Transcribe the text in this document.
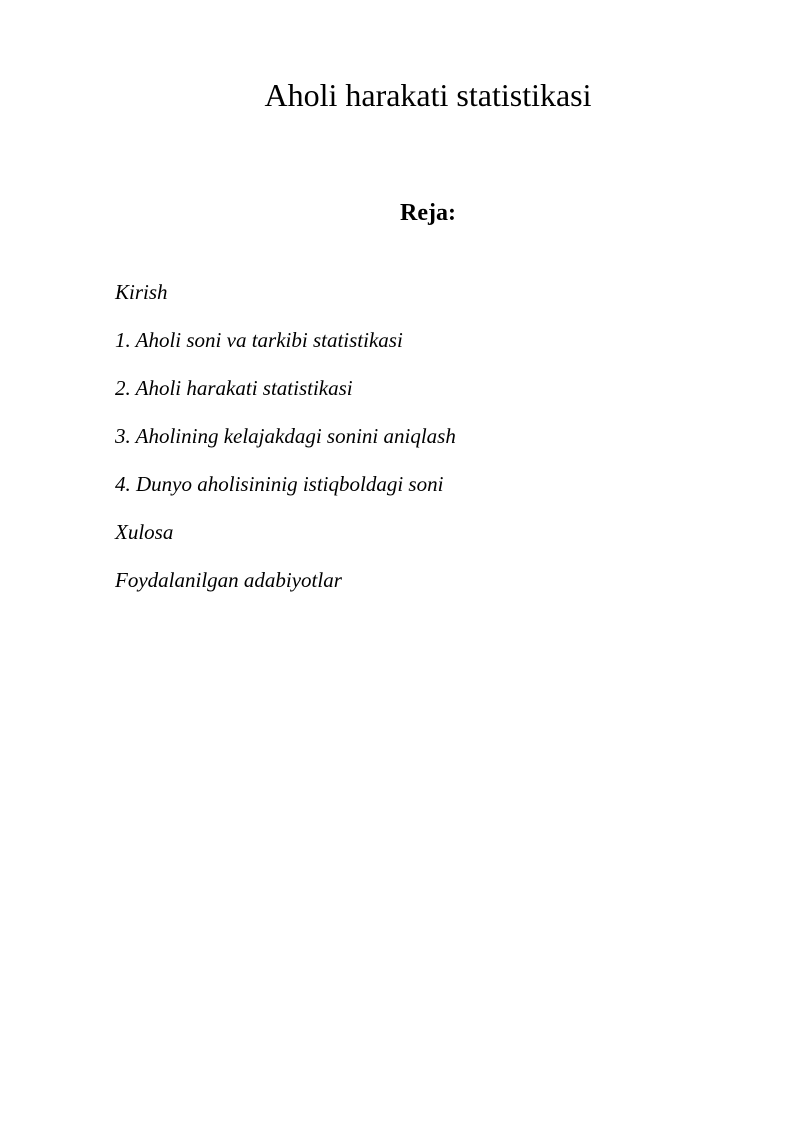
Aholi harakati statistikasi
Reja:
Kirish
1. Aholi soni va tarkibi statistikasi
2. Aholi harakati statistikasi
3. Aholining kelajakdagi sonini aniqlash
4. Dunyo aholisininig istiqboldagi soni
Xulosa
Foydalanilgan adabiyotlar
